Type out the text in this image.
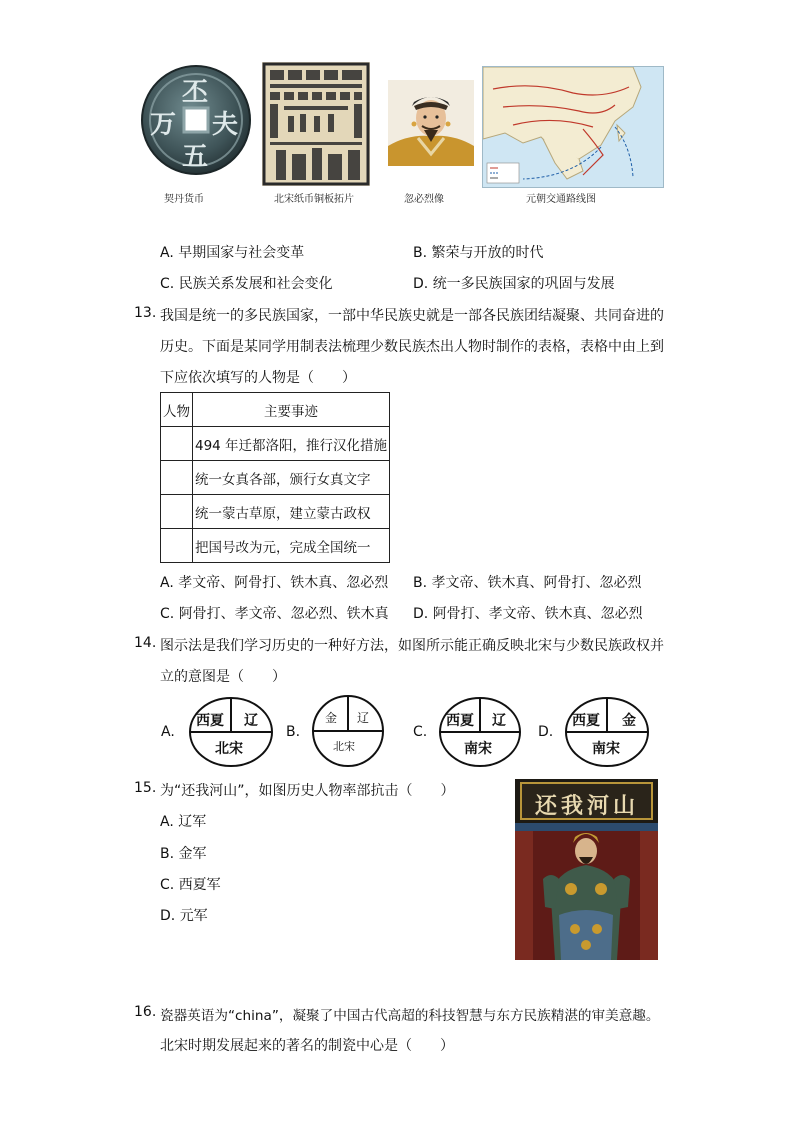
丕
万 夫
五
契丹货币	北宋纸币铜板拓片	忽必烈像	元朝交通路线图
A. 早期国家与社会变革	B. 繁荣与开放的时代
C. 民族关系发展和社会变化	D. 统一多民族国家的巩固与发展
13. 我国是统一的多民族国家，一部中华民族史就是一部各民族团结凝聚、共同奋进的
历史。下面是某同学用制表法梳理少数民族杰出人物时制作的表格，表格中由上到
下应依次填写的人物是（　　）
人物	主要事迹
	494 年迁都洛阳，推行汉化措施
	统一女真各部，颁行女真文字
	统一蒙古草原，建立蒙古政权
	把国号改为元，完成全国统一
A. 孝文帝、阿骨打、铁木真、忽必烈 B. 孝文帝、铁木真、阿骨打、忽必烈
C. 阿骨打、孝文帝、忽必烈、铁木真 D. 阿骨打、孝文帝、铁木真、忽必烈
14. 图示法是我们学习历史的一种好方法，如图所示能正确反映北宋与少数民族政权并
立的意图是（　　）
A.
西夏 辽
北宋
B.
金 辽
北宋
C.
西夏 辽
南宋
D.
西夏 金
南宋
15. 为“还我河山”，如图历史人物率部抗击（　　）
A. 辽军
B. 金军
C. 西夏军
D. 元军
还我河山
16. 瓷器英语为“china”，凝聚了中国古代高超的科技智慧与东方民族精湛的审美意趣。
北宋时期发展起来的著名的制瓷中心是（　　）
